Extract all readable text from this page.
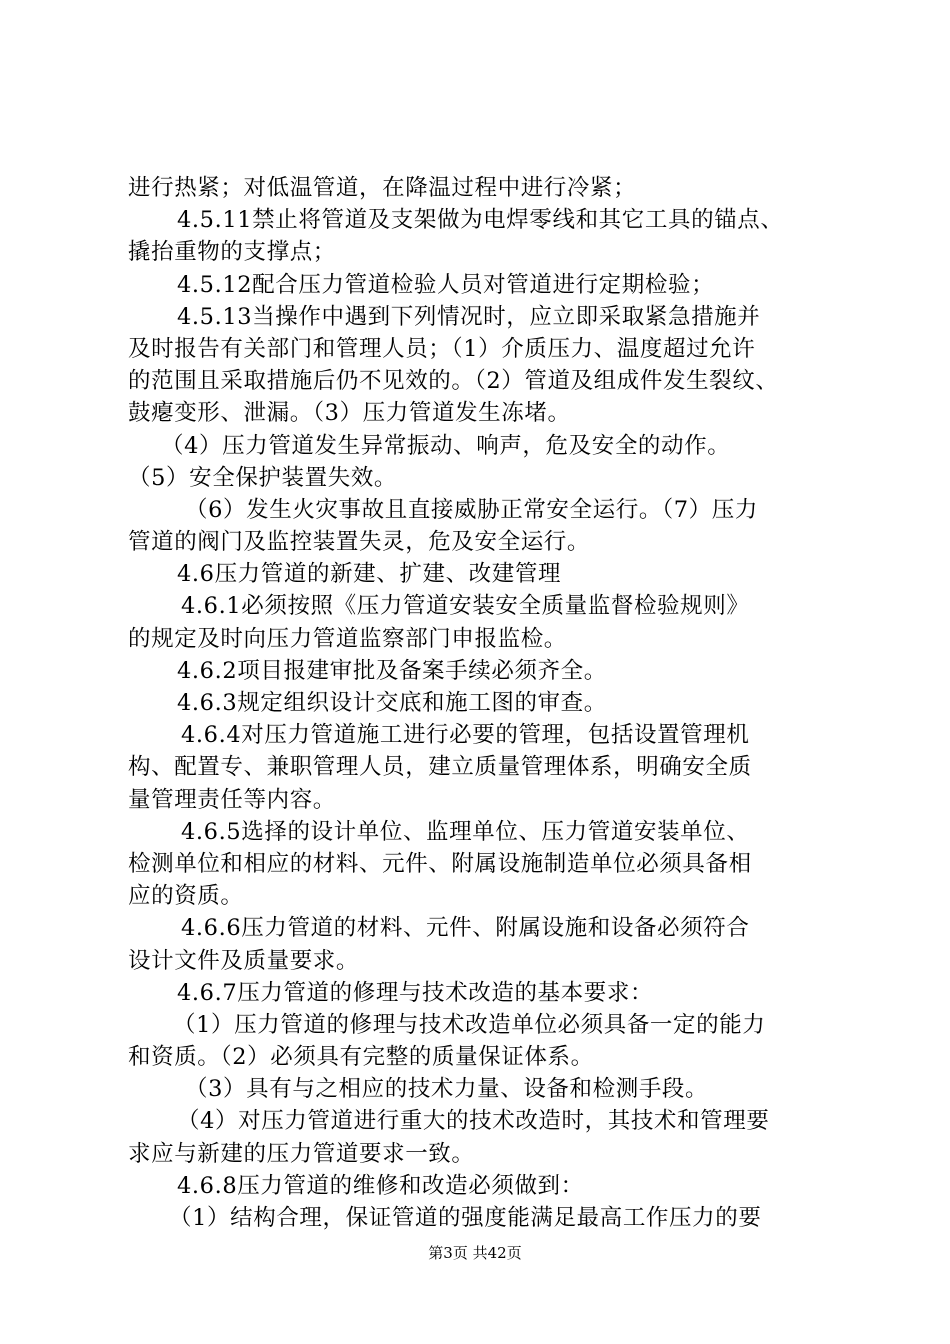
进行热紧；对低温管道，在降温过程中进行冷紧；
4.5.11禁止将管道及支架做为电焊零线和其它工具的锚点、
撬抬重物的支撑点；
4.5.12配合压力管道检验人员对管道进行定期检验；
4.5.13当操作中遇到下列情况时，应立即采取紧急措施并
及时报告有关部门和管理人员；（1）介质压力、温度超过允许
的范围且采取措施后仍不见效的。（2）管道及组成件发生裂纹、
鼓瘪变形、泄漏。（3）压力管道发生冻堵。
（4）压力管道发生异常振动、响声，危及安全的动作。
（5）安全保护装置失效。
（6）发生火灾事故且直接威胁正常安全运行。（7）压力
管道的阀门及监控装置失灵，危及安全运行。
4.6压力管道的新建、扩建、改建管理
4.6.1必须按照《压力管道安装安全质量监督检验规则》
的规定及时向压力管道监察部门申报监检。
4.6.2项目报建审批及备案手续必须齐全。
4.6.3规定组织设计交底和施工图的审查。
4.6.4对压力管道施工进行必要的管理，包括设置管理机
构、配置专、兼职管理人员，建立质量管理体系，明确安全质
量管理责任等内容。
4.6.5选择的设计单位、监理单位、压力管道安装单位、
检测单位和相应的材料、元件、附属设施制造单位必须具备相
应的资质。
4.6.6压力管道的材料、元件、附属设施和设备必须符合
设计文件及质量要求。
4.6.7压力管道的修理与技术改造的基本要求：
（1）压力管道的修理与技术改造单位必须具备一定的能力
和资质。（2）必须具有完整的质量保证体系。
（3）具有与之相应的技术力量、设备和检测手段。
（4）对压力管道进行重大的技术改造时，其技术和管理要
求应与新建的压力管道要求一致。
4.6.8压力管道的维修和改造必须做到：
（1）结构合理，保证管道的强度能满足最高工作压力的要
第3页 共42页
